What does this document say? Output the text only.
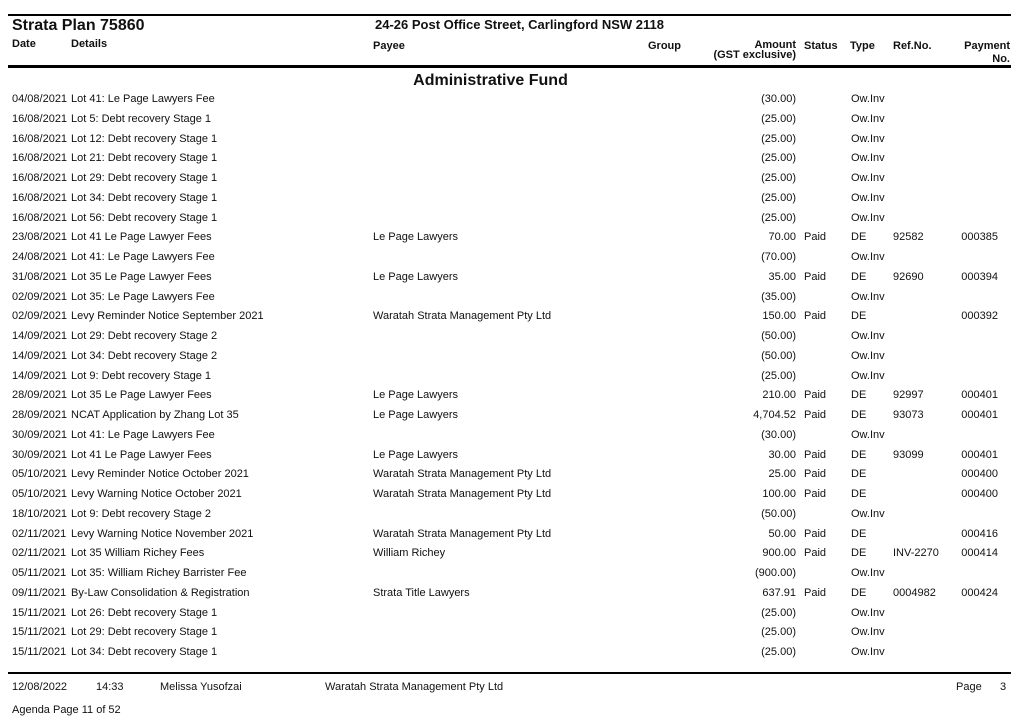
Strata Plan 75860	24-26 Post Office Street, Carlingford NSW 2118
Date	Details	Payee	Group	Amount
(GST exclusive)
Status Type Ref.No.	Payment
No.
Administrative Fund
04/08/2021 Lot 41: Le Page Lawyers Fee	(30.00)	Ow.Inv
16/08/2021 Lot 5: Debt recovery Stage 1	(25.00)	Ow.Inv
16/08/2021 Lot 12: Debt recovery Stage 1	(25.00)	Ow.Inv
16/08/2021 Lot 21: Debt recovery Stage 1	(25.00)	Ow.Inv
16/08/2021 Lot 29: Debt recovery Stage 1	(25.00)	Ow.Inv
16/08/2021 Lot 34: Debt recovery Stage 1	(25.00)	Ow.Inv
16/08/2021 Lot 56: Debt recovery Stage 1	(25.00)	Ow.Inv
23/08/2021 Lot 41 Le Page Lawyer Fees	Le Page Lawyers	70.00 Paid DE 92582	000385
24/08/2021 Lot 41: Le Page Lawyers Fee	(70.00)	Ow.Inv
31/08/2021 Lot 35 Le Page Lawyer Fees	Le Page Lawyers	35.00 Paid DE 92690	000394
02/09/2021 Lot 35: Le Page Lawyers Fee	(35.00)	Ow.Inv
02/09/2021 Levy Reminder Notice September 2021	Waratah Strata Management Pty Ltd	150.00 Paid DE	000392
14/09/2021 Lot 29: Debt recovery Stage 2	(50.00)	Ow.Inv
14/09/2021 Lot 34: Debt recovery Stage 2	(50.00)	Ow.Inv
14/09/2021 Lot 9: Debt recovery Stage 1	(25.00)	Ow.Inv
28/09/2021 Lot 35 Le Page Lawyer Fees	Le Page Lawyers	210.00 Paid DE 92997	000401
28/09/2021 NCAT Application by Zhang Lot 35	Le Page Lawyers	4,704.52 Paid DE 93073	000401
30/09/2021 Lot 41: Le Page Lawyers Fee	(30.00)	Ow.Inv
30/09/2021 Lot 41 Le Page Lawyer Fees	Le Page Lawyers	30.00 Paid DE 93099	000401
05/10/2021 Levy Reminder Notice October 2021	Waratah Strata Management Pty Ltd	25.00 Paid DE	000400
05/10/2021 Levy Warning Notice October 2021	Waratah Strata Management Pty Ltd	100.00 Paid DE	000400
18/10/2021 Lot 9: Debt recovery Stage 2	(50.00)	Ow.Inv
02/11/2021 Levy Warning Notice November 2021	Waratah Strata Management Pty Ltd	50.00 Paid DE	000416
02/11/2021 Lot 35 William Richey Fees	William Richey	900.00 Paid DE INV-2270	000414
05/11/2021 Lot 35: William Richey Barrister Fee	(900.00)	Ow.Inv
09/11/2021 By-Law Consolidation & Registration	Strata Title Lawyers	637.91 Paid DE 0004982	000424
15/11/2021 Lot 26: Debt recovery Stage 1	(25.00)	Ow.Inv
15/11/2021 Lot 29: Debt recovery Stage 1	(25.00)	Ow.Inv
15/11/2021 Lot 34: Debt recovery Stage 1	(25.00)	Ow.Inv
12/08/2022	14:33	Melissa Yusofzai	Waratah Strata Management Pty Ltd	Page 3
Agenda Page 11 of 52
